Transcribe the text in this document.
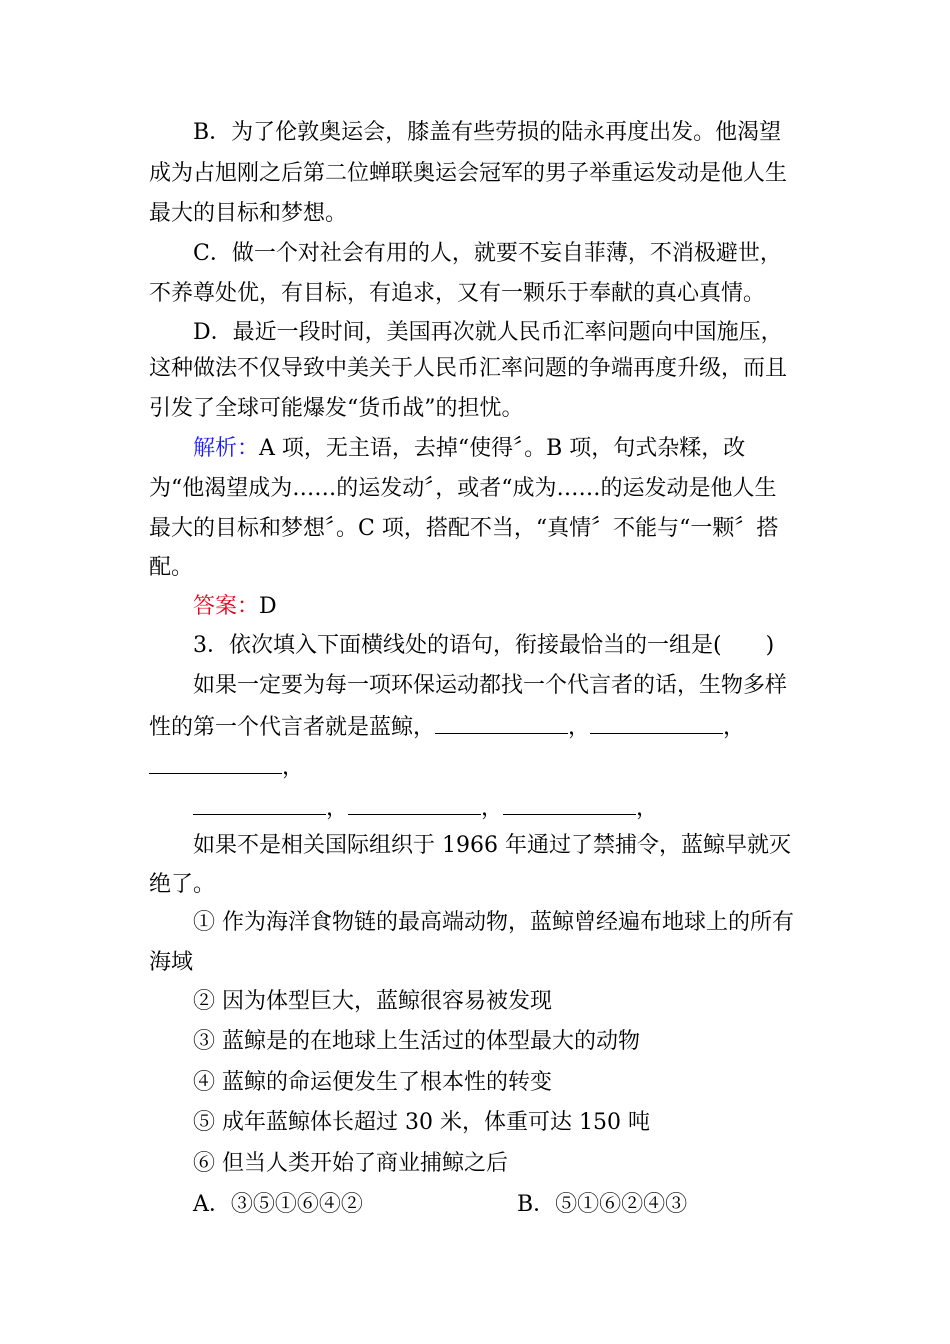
B．为了伦敦奥运会，膝盖有些劳损的陆永再度出发。他渴望

成为占旭刚之后第二位蝉联奥运会冠军的男子举重运发动是他人生

最大的目标和梦想。

C．做一个对社会有用的人，就要不妄自菲薄，不消极避世，

不养尊处优，有目标，有追求，又有一颗乐于奉献的真心真情。

D．最近一段时间，美国再次就人民币汇率问题向中国施压，

这种做法不仅导致中美关于人民币汇率问题的争端再度升级，而且

引发了全球可能爆发“货币战”的担忧。

解析：A 项，无主语，去掉“使得〞。B 项，句式杂糅，改

为“他渴望成为……的运发动〞，或者“成为……的运发动是他人生

最大的目标和梦想〞。C 项，搭配不当，“真情〞不能与“一颗〞搭

配。

答案：D

3．依次填入下面横线处的语句，衔接最恰当的一组是(　　)

如果一定要为每一项环保运动都找一个代言者的话，生物多样

性的第一个代言者就是蓝鲸，	，	，

，

，	，	，

如果不是相关国际组织于 1966 年通过了禁捕令，蓝鲸早就灭

绝了。

① 作为海洋食物链的最高端动物，蓝鲸曾经遍布地球上的所有

海域

② 因为体型巨大，蓝鲸很容易被发现

③ 蓝鲸是的在地球上生活过的体型最大的动物

④ 蓝鲸的命运便发生了根本性的转变

⑤ 成年蓝鲸体长超过 30 米，体重可达 150 吨

⑥ 但当人类开始了商业捕鲸之后

A．③⑤①⑥④②	B．⑤①⑥②④③
